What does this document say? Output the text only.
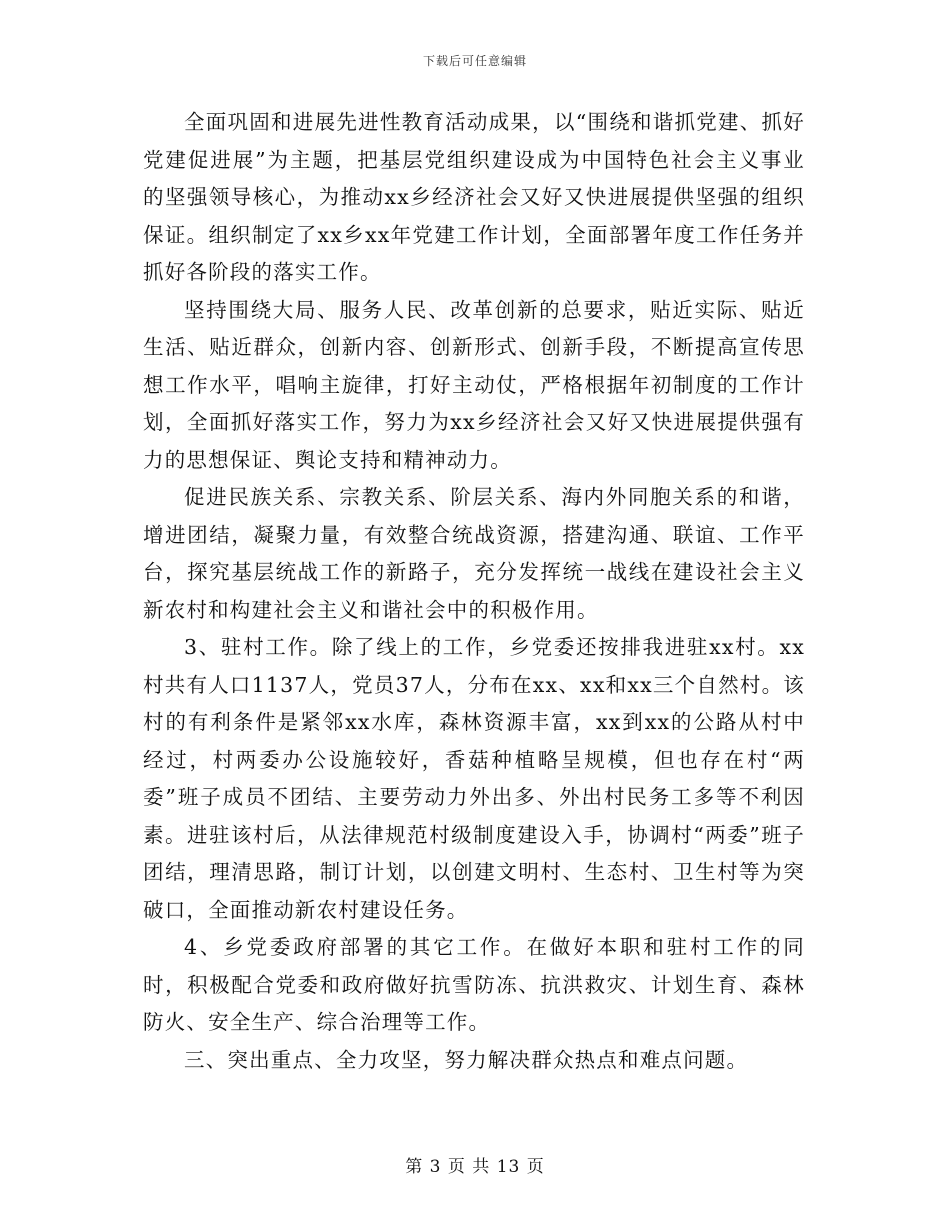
下载后可任意编辑

全面巩固和进展先进性教育活动成果，以“围绕和谐抓党建、抓好党建促进展”为主题，把基层党组织建设成为中国特色社会主义事业的坚强领导核心，为推动xx乡经济社会又好又快进展提供坚强的组织保证。组织制定了xx乡xx年党建工作计划，全面部署年度工作任务并抓好各阶段的落实工作。

坚持围绕大局、服务人民、改革创新的总要求，贴近实际、贴近生活、贴近群众，创新内容、创新形式、创新手段，不断提高宣传思想工作水平，唱响主旋律，打好主动仗，严格根据年初制度的工作计划，全面抓好落实工作，努力为xx乡经济社会又好又快进展提供强有力的思想保证、舆论支持和精神动力。

促进民族关系、宗教关系、阶层关系、海内外同胞关系的和谐，增进团结，凝聚力量，有效整合统战资源，搭建沟通、联谊、工作平台，探究基层统战工作的新路子，充分发挥统一战线在建设社会主义新农村和构建社会主义和谐社会中的积极作用。

3、驻村工作。除了线上的工作，乡党委还按排我进驻xx村。xx村共有人口1137人，党员37人，分布在xx、xx和xx三个自然村。该村的有利条件是紧邻xx水库，森林资源丰富，xx到xx的公路从村中经过，村两委办公设施较好，香菇种植略呈规模，但也存在村“两委”班子成员不团结、主要劳动力外出多、外出村民务工多等不利因素。进驻该村后，从法律规范村级制度建设入手，协调村“两委”班子团结，理清思路，制订计划，以创建文明村、生态村、卫生村等为突破口，全面推动新农村建设任务。

4、乡党委政府部署的其它工作。在做好本职和驻村工作的同时，积极配合党委和政府做好抗雪防冻、抗洪救灾、计划生育、森林防火、安全生产、综合治理等工作。

三、突出重点、全力攻坚，努力解决群众热点和难点问题。

第 3 页 共 13 页
